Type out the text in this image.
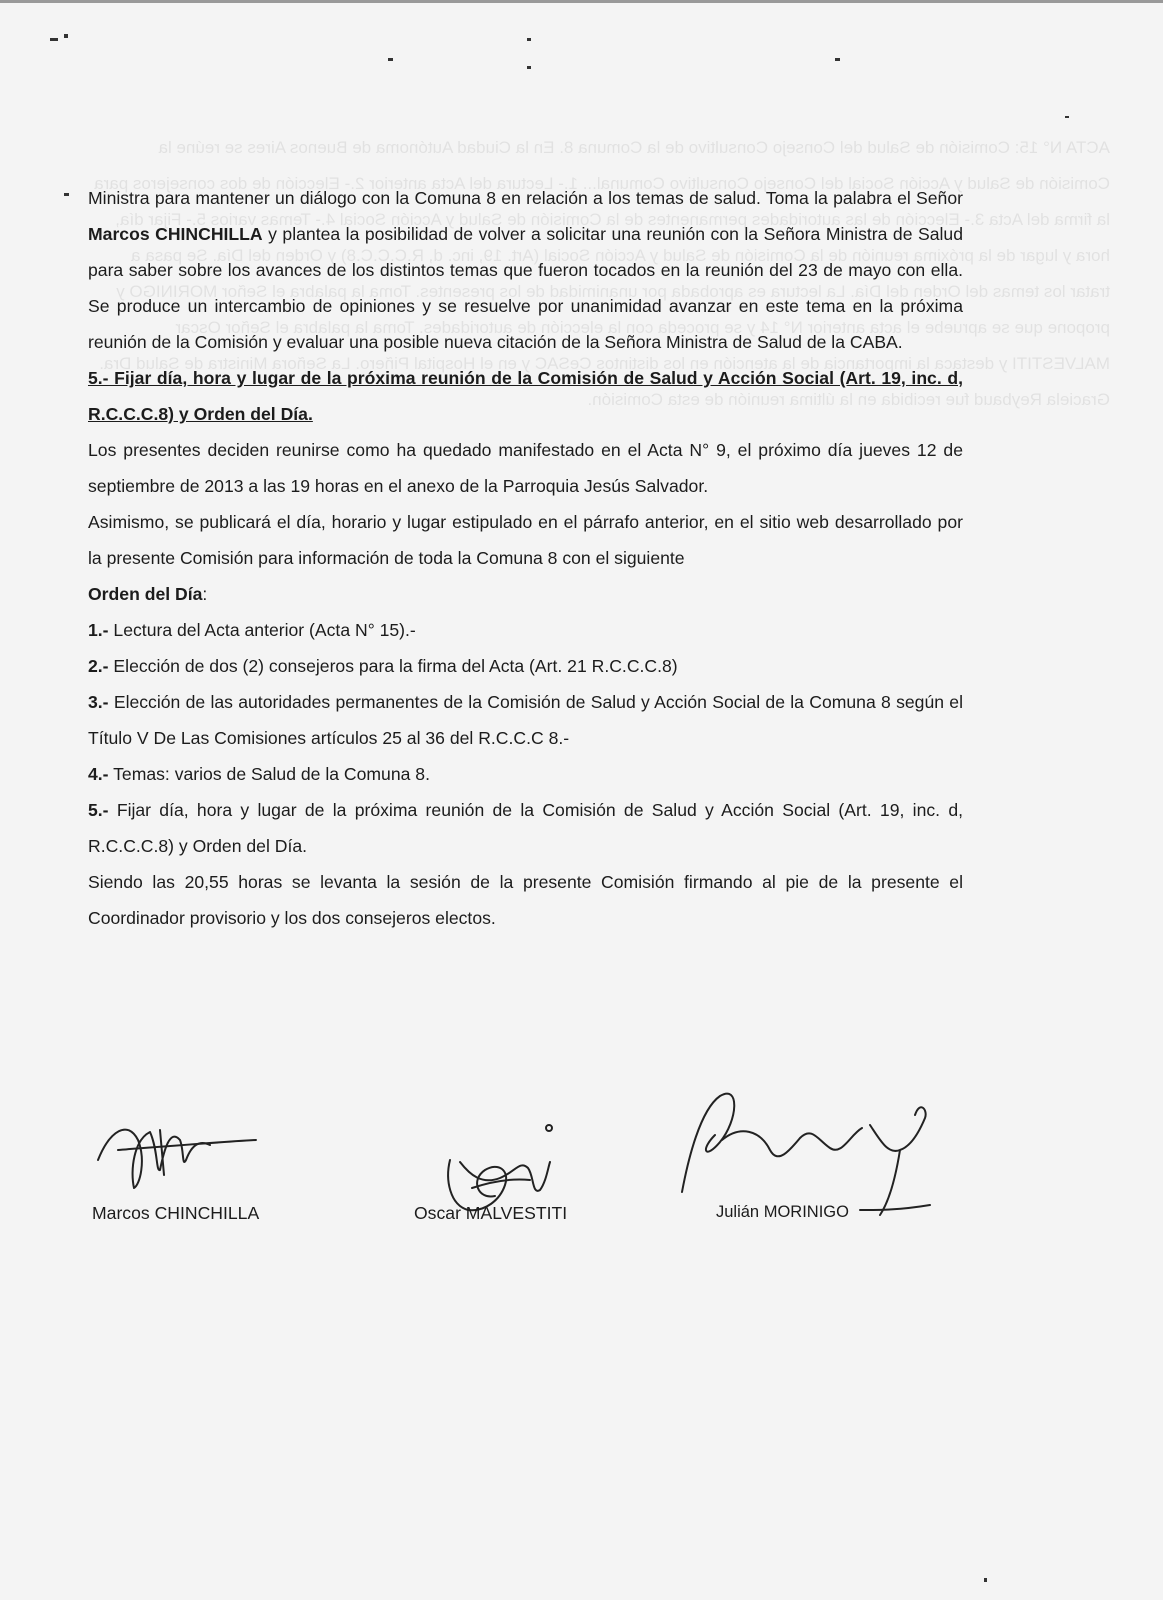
ACTA N° 15: Comisión de Salud del Consejo Consultivo de la Comuna 8. En la Ciudad Autónoma de Buenos Aires se reúne la Comisión de Salud y Acción Social del Consejo Consultivo Comunal... 1.- Lectura del Acta anterior 2.- Elección de dos consejeros para la firma del Acta 3.- Elección de las autoridades permanentes de la Comisión de Salud y Acción Social 4.- Temas varios 5.- Fijar día, hora y lugar de la próxima reunión de la Comisión de Salud y Acción Social (Art. 19, inc. d, R.C.C.C.8) y Orden del Día. Se pasa a tratar los temas del Orden del Día. La lectura es aprobada por unanimidad de los presentes. Toma la palabra el Señor MORINIGO y propone que se apruebe el acta anterior N° 14 y se proceda con la elección de autoridades. Toma la palabra el Señor Oscar MALVESTITI y destaca la importancia de la atención en los distintos CeSAC y en el Hospital Piñero. La Señora Ministra de Salud Dra. Graciela Reybaud fue recibida en la última reunión de esta Comisión.

Ministra para mantener un diálogo con la Comuna 8 en relación a los temas de salud. Toma la palabra el Señor Marcos CHINCHILLA y plantea la posibilidad de volver a solicitar una reunión con la Señora Ministra de Salud para saber sobre los avances de los distintos temas que fueron tocados en la reunión del 23 de mayo con ella. Se produce un intercambio de opiniones y se resuelve por unanimidad avanzar en este tema en la próxima reunión de la Comisión y evaluar una posible nueva citación de la Señora Ministra de Salud de la CABA.

5.- Fijar día, hora y lugar de la próxima reunión de la Comisión de Salud y Acción Social (Art. 19, inc. d, R.C.C.C.8) y Orden del Día.

Los presentes deciden reunirse como ha quedado manifestado en el Acta N° 9, el próximo día jueves 12 de septiembre de 2013 a las 19 horas en el anexo de la Parroquia Jesús Salvador.

Asimismo, se publicará el día, horario y lugar estipulado en el párrafo anterior, en el sitio web desarrollado por la presente Comisión para información de toda la Comuna 8 con el siguiente

Orden del Día:

1.- Lectura del Acta anterior (Acta N° 15).-

2.- Elección de dos (2) consejeros para la firma del Acta (Art. 21 R.C.C.C.8)

3.- Elección de las autoridades permanentes de la Comisión de Salud y Acción Social de la Comuna 8 según el Título V De Las Comisiones artículos 25 al 36 del R.C.C.C 8.-

4.- Temas: varios de Salud de la Comuna 8.

5.- Fijar día, hora y lugar de la próxima reunión de la Comisión de Salud y Acción Social (Art. 19, inc. d, R.C.C.C.8) y Orden del Día.

Siendo las 20,55 horas se levanta la sesión de la presente Comisión firmando al pie de la presente el Coordinador provisorio y los dos consejeros electos.

Marcos CHINCHILLA	Oscar MALVESTITI	Julián MORINIGO
